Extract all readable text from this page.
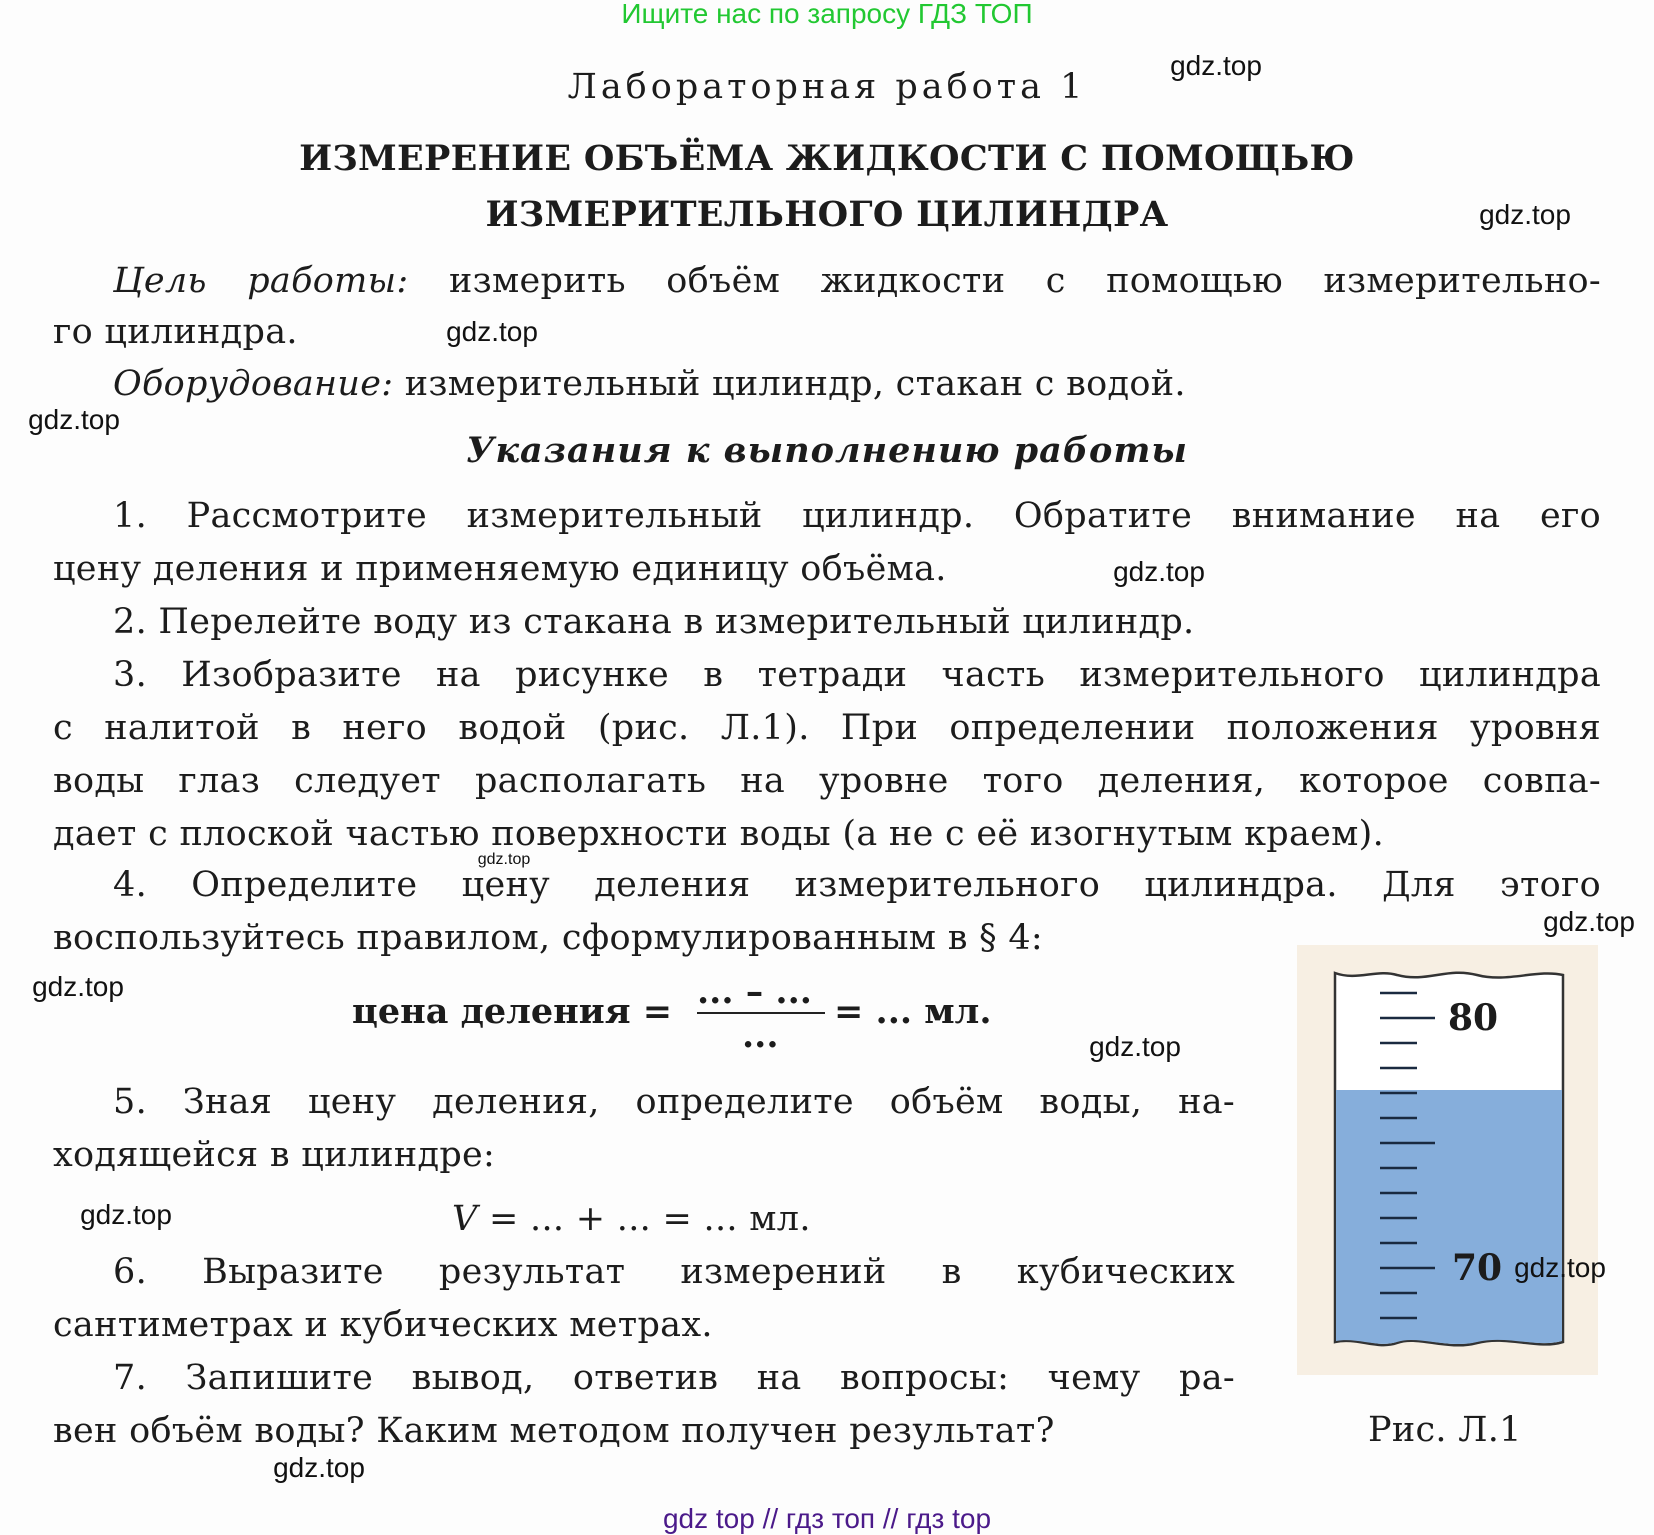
Ищите нас по запросу ГДЗ ТОП
Лабораторная работа 1
ИЗМЕРЕНИЕ ОБЪЁМА ЖИДКОСТИ С ПОМОЩЬЮ
ИЗМЕРИТЕЛЬНОГО ЦИЛИНДРА
Цель работы: измерить объём жидкости с помощью измерительно-
го цилиндра.
Оборудование: измерительный цилиндр, стакан с водой.
Указания к выполнению работы
1. Рассмотрите измерительный цилиндр. Обратите внимание на его
цену деления и применяемую единицу объёма.
2. Перелейте воду из стакана в измерительный цилиндр.
3. Изобразите на рисунке в тетради часть измерительного цилиндра
с налитой в него водой (рис. Л.1). При определении положения уровня
воды глаз следует располагать на уровне того деления, которое совпа-
дает с плоской частью поверхности воды (а не с её изогнутым краем).
4. Определите цену деления измерительного цилиндра. Для этого
воспользуйтесь правилом, сформулированным в § 4:
цена деления = ... – ...
...
= ... мл.
5. Зная цену деления, определите объём воды, на-
ходящейся в цилиндре:
V = ... + ... = ... мл.
6. Выразите результат измерений в кубических
сантиметрах и кубических метрах.
7. Запишите вывод, ответив на вопросы: чему ра-
вен объём воды? Каким методом получен результат?
80
70
Рис. Л.1
gdz.top
gdz.top
gdz.top
gdz.top
gdz.top
gdz.top
gdz.top
gdz.top
gdz.top
gdz.top
gdz.top
gdz.top
gdz top // гдз топ // гдз top
